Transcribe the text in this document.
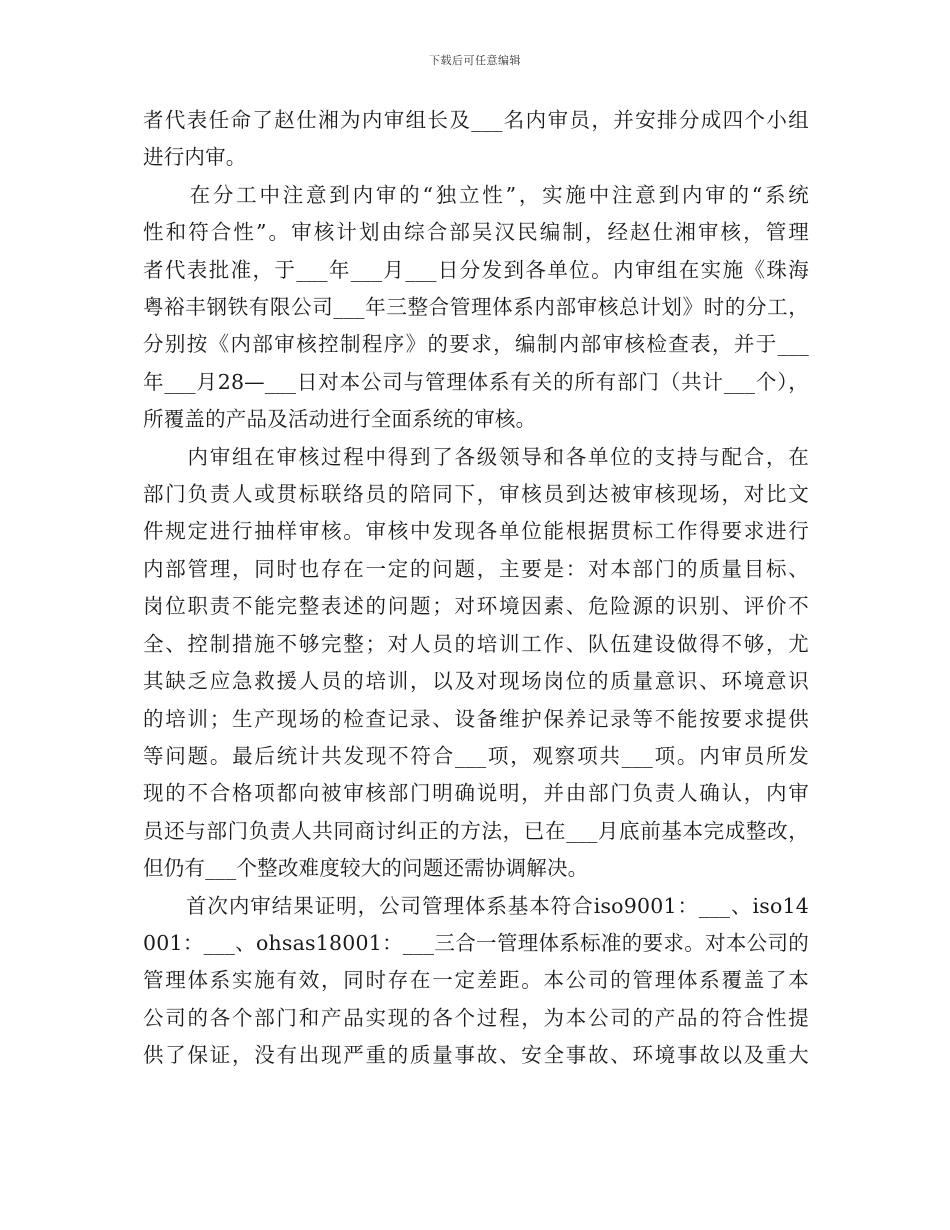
下载后可任意编辑
者代表任命了赵仕湘为内审组长及___名内审员，并安排分成四个小组
进行内审。
　　在分工中注意到内审的“独立性”，实施中注意到内审的“系统
性和符合性”。审核计划由综合部吴汉民编制，经赵仕湘审核，管理
者代表批准，于___年___月___日分发到各单位。内审组在实施《珠海
粤裕丰钢铁有限公司___年三整合管理体系内部审核总计划》时的分工，
分别按《内部审核控制程序》的要求，编制内部审核检查表，并于___
年___月28—___日对本公司与管理体系有关的所有部门（共计___个），
所覆盖的产品及活动进行全面系统的审核。
　　内审组在审核过程中得到了各级领导和各单位的支持与配合，在
部门负责人或贯标联络员的陪同下，审核员到达被审核现场，对比文
件规定进行抽样审核。审核中发现各单位能根据贯标工作得要求进行
内部管理，同时也存在一定的问题，主要是：对本部门的质量目标、
岗位职责不能完整表述的问题；对环境因素、危险源的识别、评价不
全、控制措施不够完整；对人员的培训工作、队伍建设做得不够，尤
其缺乏应急救援人员的培训，以及对现场岗位的质量意识、环境意识
的培训；生产现场的检查记录、设备维护保养记录等不能按要求提供
等问题。最后统计共发现不符合___项，观察项共___项。内审员所发
现的不合格项都向被审核部门明确说明，并由部门负责人确认，内审
员还与部门负责人共同商讨纠正的方法，已在___月底前基本完成整改，
但仍有___个整改难度较大的问题还需协调解决。
　　首次内审结果证明，公司管理体系基本符合iso9001：___、iso14
001：___、ohsas18001：___三合一管理体系标准的要求。对本公司的
管理体系实施有效，同时存在一定差距。本公司的管理体系覆盖了本
公司的各个部门和产品实现的各个过程，为本公司的产品的符合性提
供了保证，没有出现严重的质量事故、安全事故、环境事故以及重大
